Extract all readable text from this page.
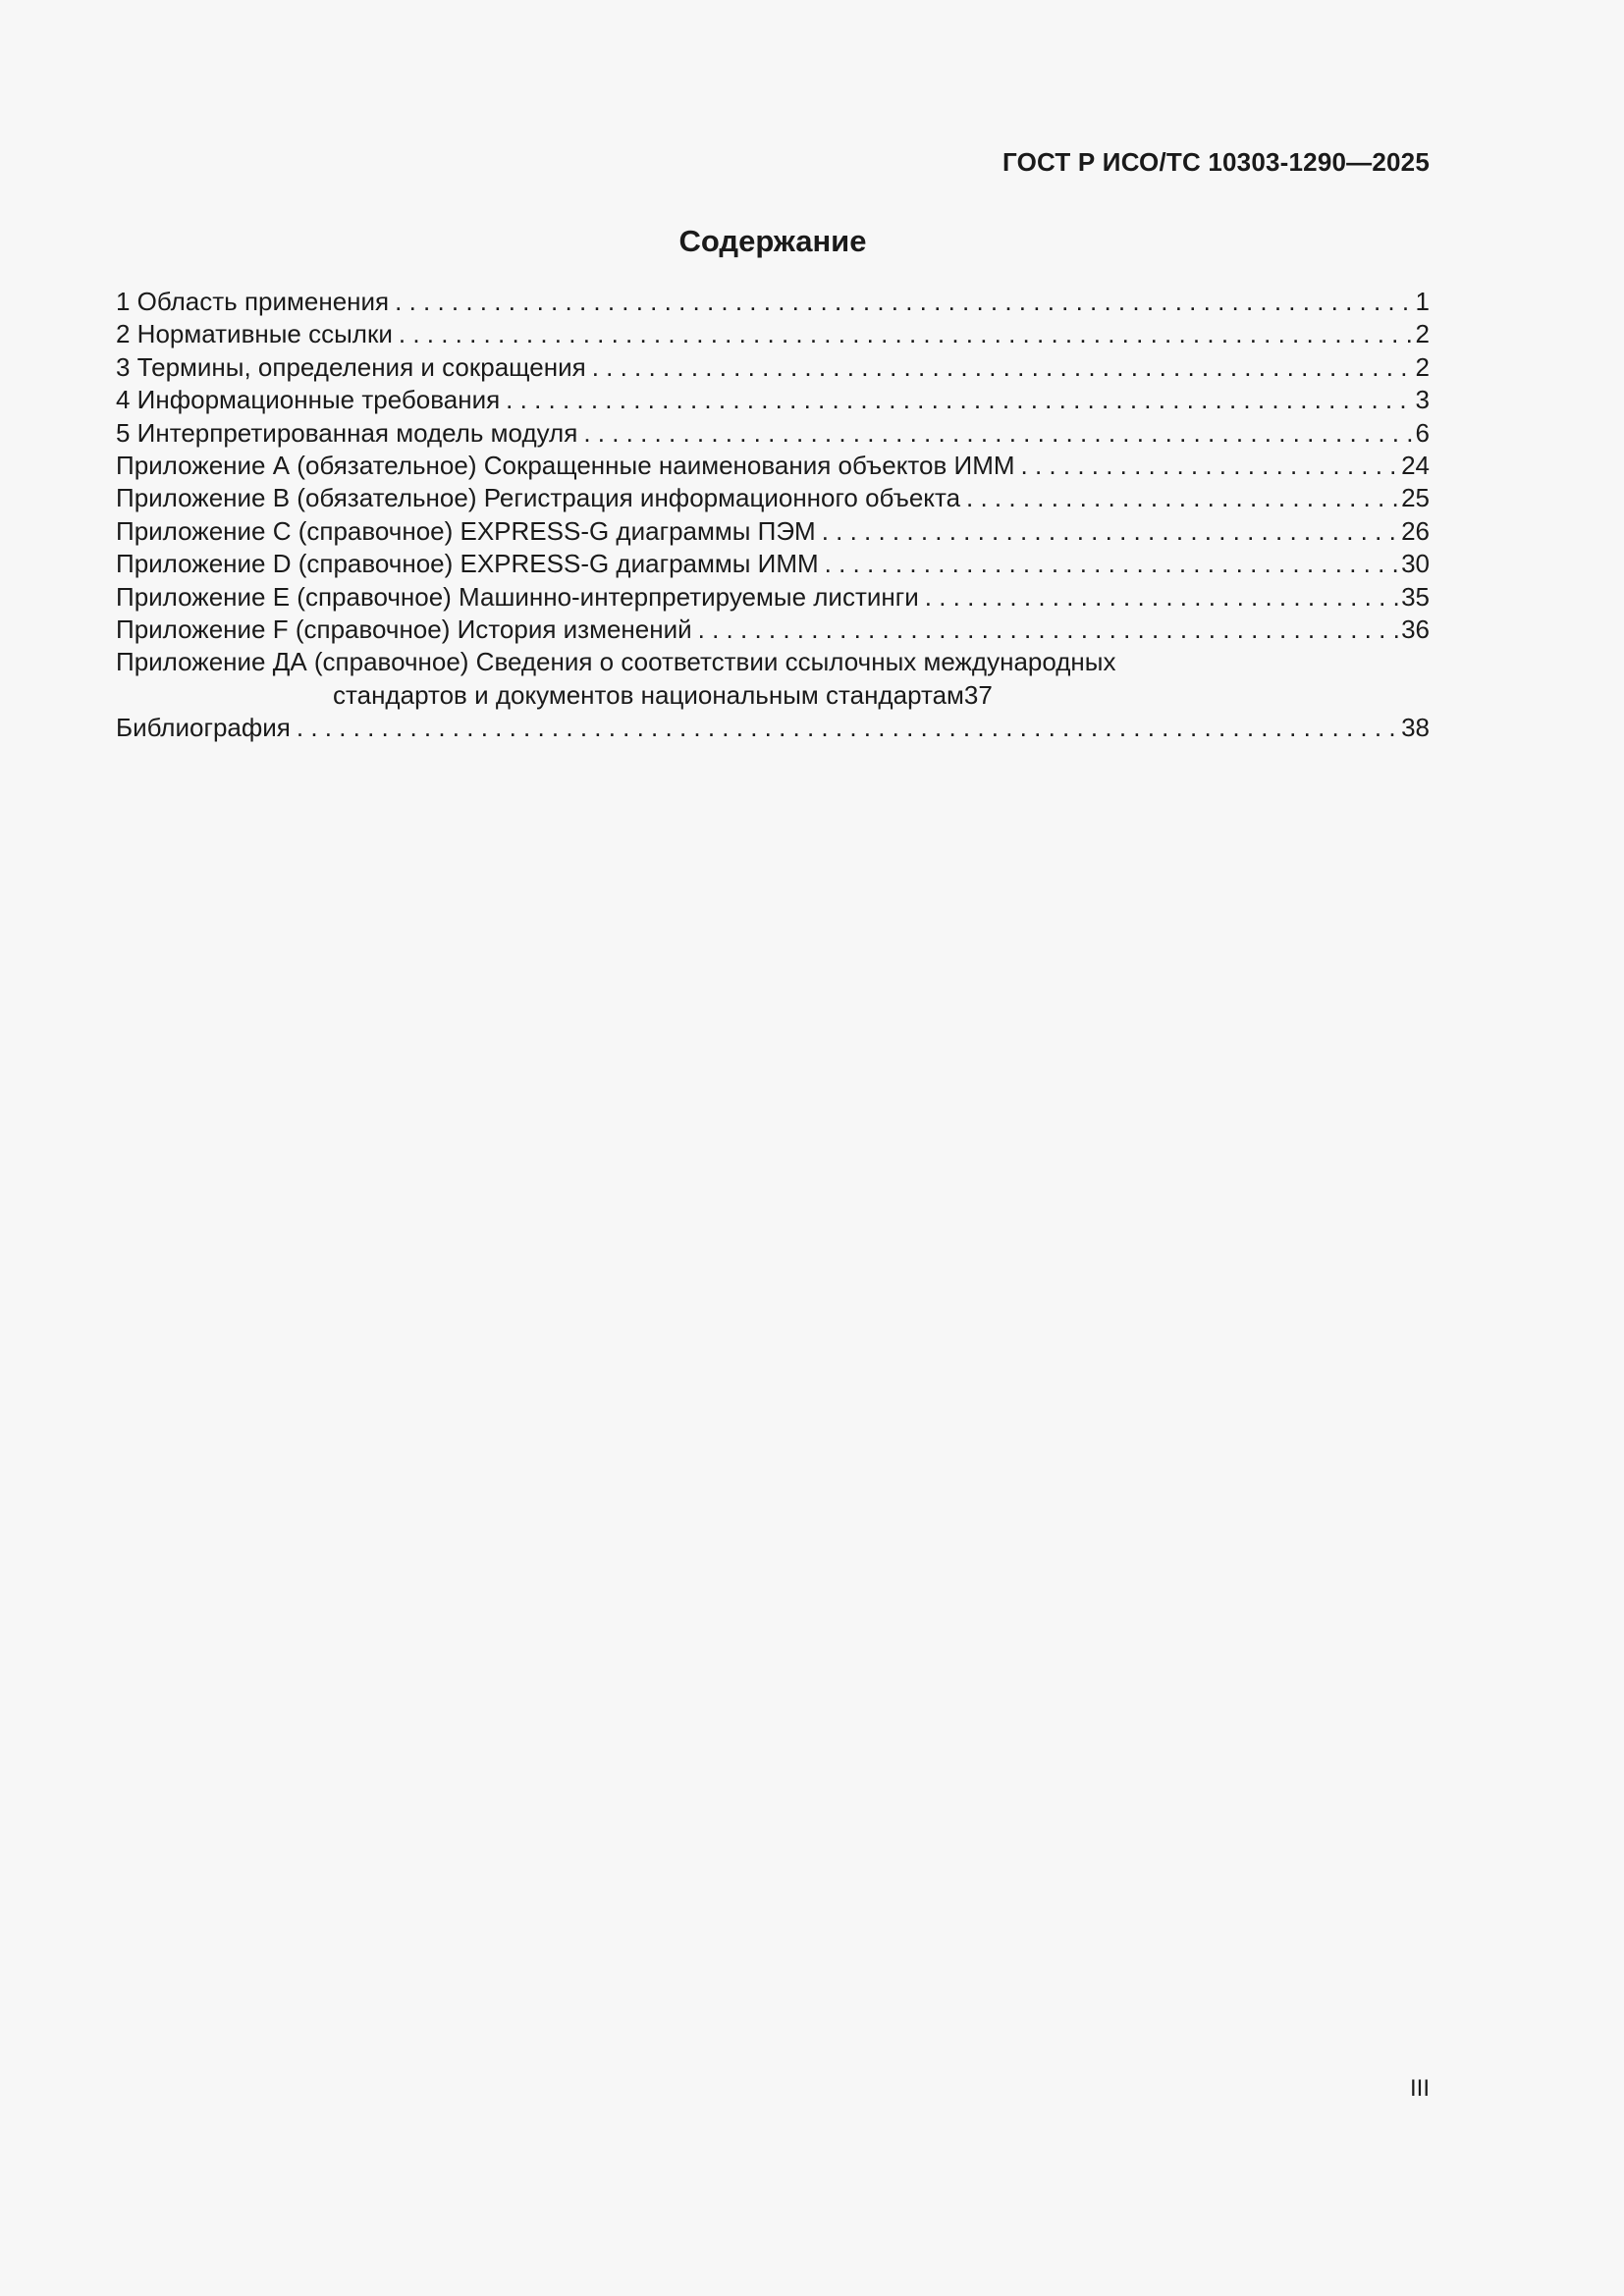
ГОСТ Р ИСО/ТС 10303-1290—2025
Содержание
1 Область применения . . .	1
2 Нормативные ссылки . . .	2
3 Термины, определения и сокращения . . .	2
4 Информационные требования . . .	3
5 Интерпретированная модель модуля . . .	6
Приложение А (обязательное) Сокращенные наименования объектов ИММ . . .	24
Приложение В (обязательное) Регистрация информационного объекта . . .	25
Приложение С (справочное) EXPRESS-G диаграммы ПЭМ . . .	26
Приложение D (справочное) EXPRESS-G диаграммы ИММ . . .	30
Приложение Е (справочное) Машинно-интерпретируемые листинги . . .	35
Приложение F (справочное) История изменений . . .	36
Приложение ДА (справочное) Сведения о соответствии ссылочных международных
стандартов и документов национальным стандартам 37
Библиография . . .	38
III
